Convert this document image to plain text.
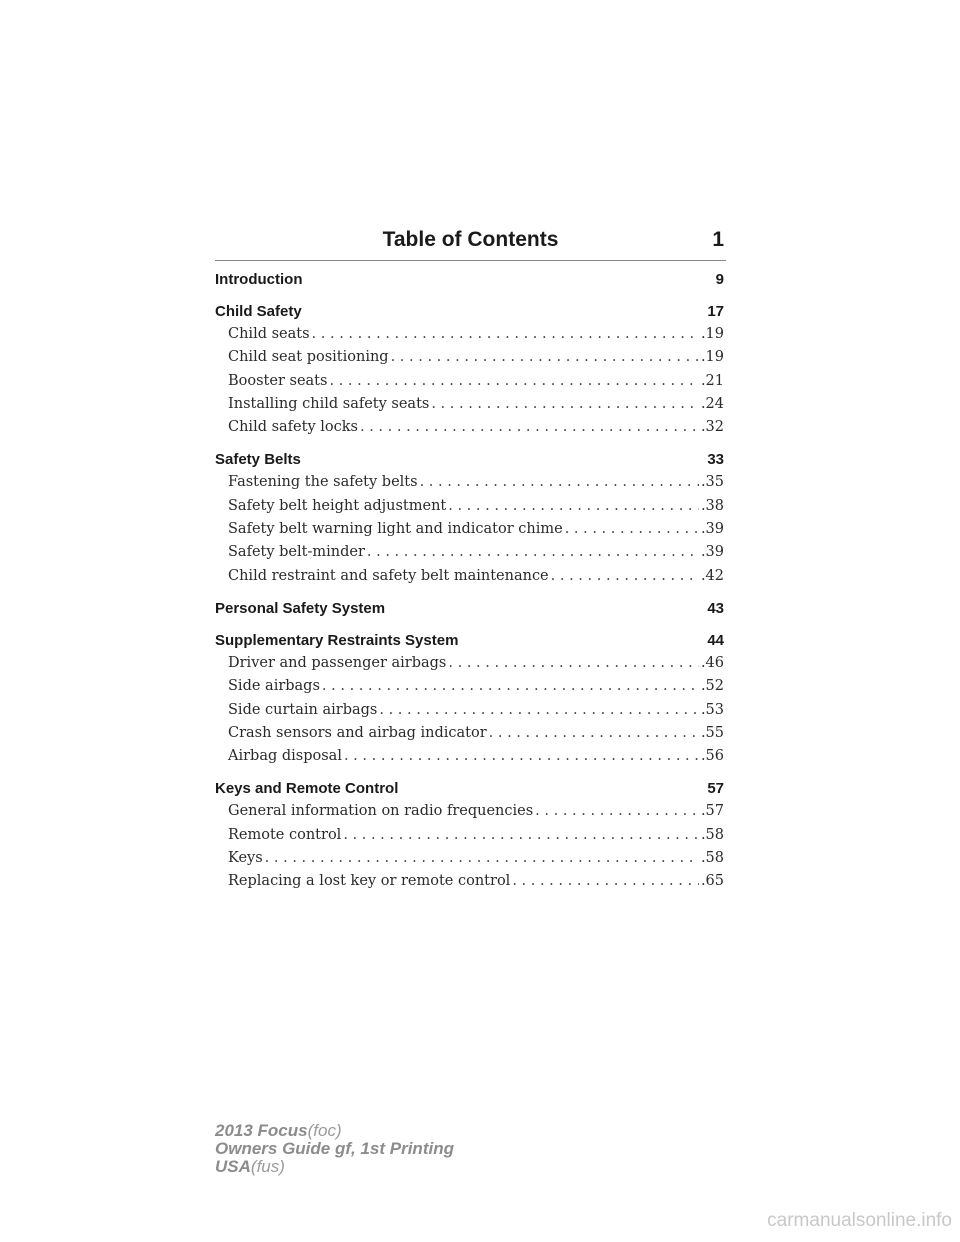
Table of Contents	1
Introduction	9
Child Safety	17
Child seats . . .	.19
Child seat positioning . . .	.19
Booster seats . . .	.21
Installing child safety seats . . .	.24
Child safety locks . . .	.32
Safety Belts	33
Fastening the safety belts . . .	.35
Safety belt height adjustment . . .	.38
Safety belt warning light and indicator chime . . .	.39
Safety belt-minder . . .	.39
Child restraint and safety belt maintenance . . .	.42
Personal Safety System	43
Supplementary Restraints System	44
Driver and passenger airbags . . .	.46
Side airbags . . .	.52
Side curtain airbags . . .	.53
Crash sensors and airbag indicator . . .	.55
Airbag disposal . . .	.56
Keys and Remote Control	57
General information on radio frequencies . . .	.57
Remote control . . .	.58
Keys . . .	.58
Replacing a lost key or remote control . . .	.65
2013 Focus(foc)
Owners Guide gf, 1st Printing
USA(fus)
carmanualsonline.info
